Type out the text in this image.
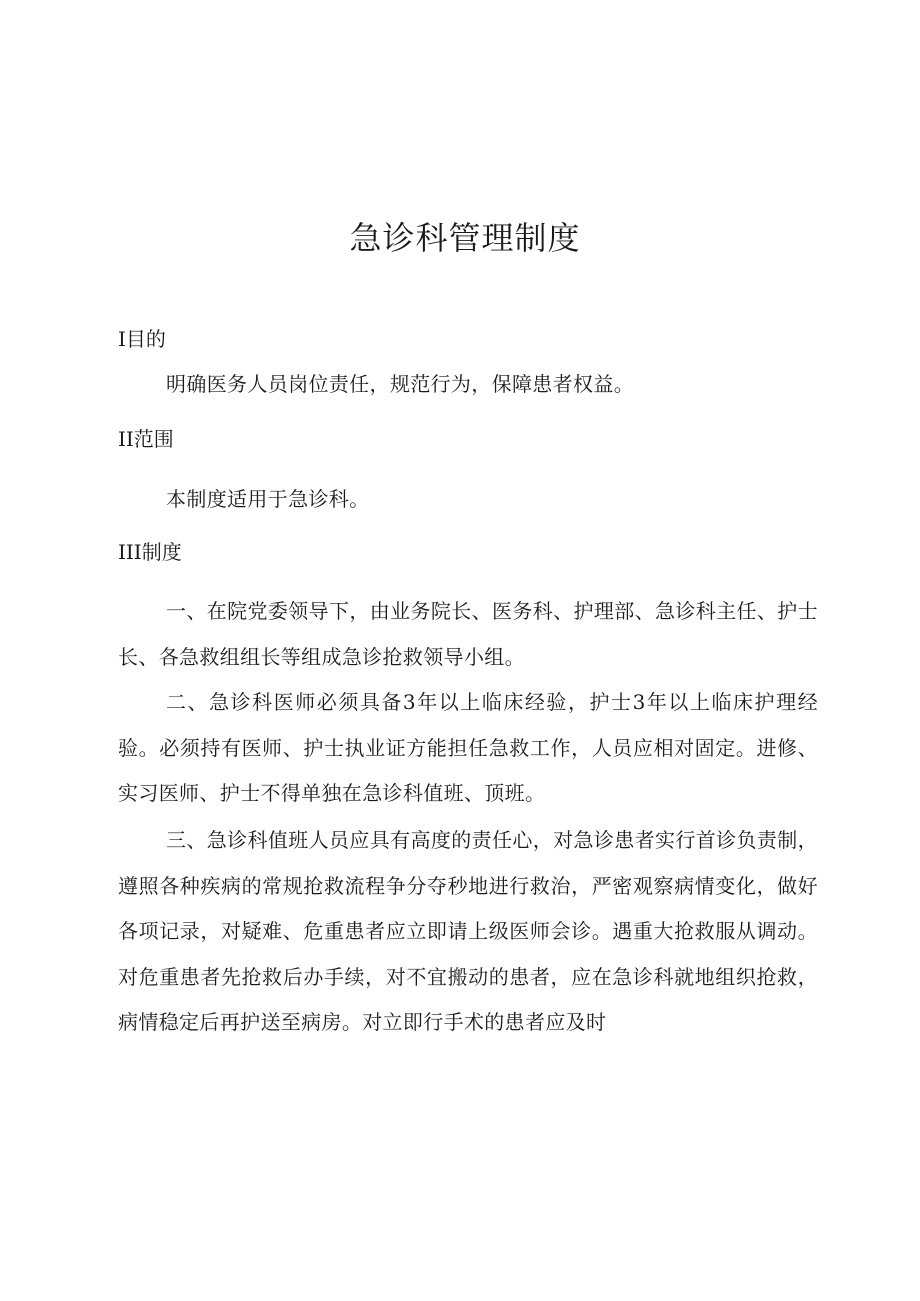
急诊科管理制度
I目的

明确医务人员岗位责任，规范行为，保障患者权益。

II范围

本制度适用于急诊科。

III制度

一、在院党委领导下，由业务院长、医务科、护理部、急诊科主任、护士长、各急救组组长等组成急诊抢救领导小组。

二、急诊科医师必须具备3年以上临床经验，护士3年以上临床护理经验。必须持有医师、护士执业证方能担任急救工作，人员应相对固定。进修、实习医师、护士不得单独在急诊科值班、顶班。

三、急诊科值班人员应具有高度的责任心，对急诊患者实行首诊负责制，遵照各种疾病的常规抢救流程争分夺秒地进行救治，严密观察病情变化，做好各项记录，对疑难、危重患者应立即请上级医师会诊。遇重大抢救服从调动。对危重患者先抢救后办手续，对不宜搬动的患者，应在急诊科就地组织抢救，病情稳定后再护送至病房。对立即行手术的患者应及时
